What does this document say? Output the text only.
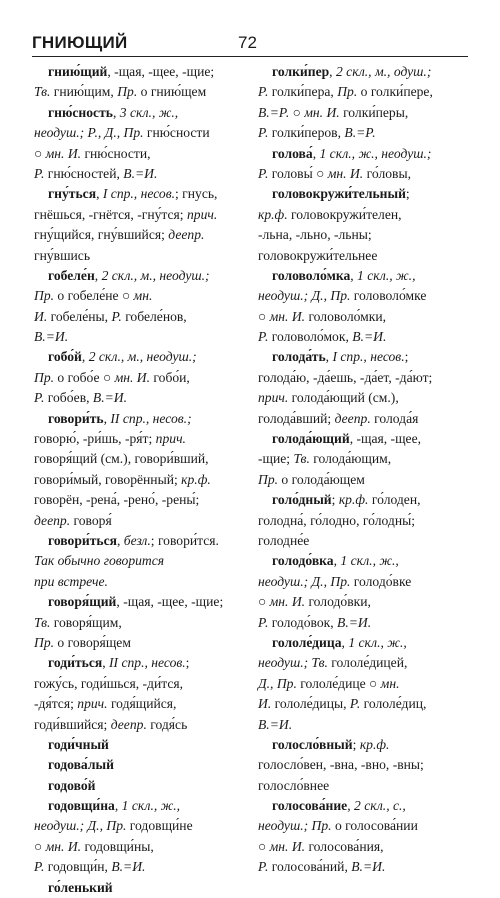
ГНИЮЩИЙ	72
гнию́щий, -щая, -щее, -щие;
Тв. гнию́щим, Пр. о гнию́щем
гню́сность, 3 скл., ж.,
неодуш.; Р., Д., Пр. гню́сности
○ мн. И. гню́сности,
Р. гню́сностей, В.=И.
гну́ться, I спр., несов.; гнусь,
гнёшься, -гнётся, -гну́тся; прич.
гну́щийся, гну́вшийся; деепр.
гну́вшись
гобеле́н, 2 скл., м., неодуш.;
Пр. о гобеле́не ○ мн.
И. гобеле́ны, Р. гобеле́нов,
В.=И.
гобо́й, 2 скл., м., неодуш.;
Пр. о гобо́е ○ мн. И. гобо́и,
Р. гобо́ев, В.=И.
говори́ть, II спр., несов.;
говорю́, -ри́шь, -ря́т; прич.
говоря́щий (см.), говори́вший,
говори́мый, говорённый; кр.ф.
говорён, -рена́, -рено́, -рены́;
деепр. говоря́
говори́ться, безл.; говори́тся.
Так обычно говорится
при встрече.
говоря́щий, -щая, -щее, -щие;
Тв. говоря́щим,
Пр. о говоря́щем
годи́ться, II спр., несов.;
гожу́сь, годи́шься, -ди́тся,
-дя́тся; прич. годя́щийся,
годи́вшийся; деепр. годя́сь
годи́чный
годова́лый
годово́й
годовщи́на, 1 скл., ж.,
неодуш.; Д., Пр. годовщи́не
○ мн. И. годовщи́ны,
Р. годовщи́н, В.=И.
го́ленький
голки́пер, 2 скл., м., одуш.;
Р. голки́пера, Пр. о голки́пере,
В.=Р. ○ мн. И. голки́перы,
Р. голки́перов, В.=Р.
голова́, 1 скл., ж., неодуш.;
Р. головы́ ○ мн. И. го́ловы,
головокружи́тельный;
кр.ф. головокружи́телен,
-льна, -льно, -льны;
головокружи́тельнее
головоло́мка, 1 скл., ж.,
неодуш.; Д., Пр. головоло́мке
○ мн. И. головоло́мки,
Р. головоло́мок, В.=И.
голода́ть, I спр., несов.;
голода́ю, -да́ешь, -да́ет, -да́ют;
прич. голода́ющий (см.),
голода́вший; деепр. голода́я
голода́ющий, -щая, -щее,
-щие; Тв. голода́ющим,
Пр. о голода́ющем
голо́дный; кр.ф. го́лоден,
голодна́, го́лодно, го́лодны́;
голодне́е
голодо́вка, 1 скл., ж.,
неодуш.; Д., Пр. голодо́вке
○ мн. И. голодо́вки,
Р. голодо́вок, В.=И.
гололе́дица, 1 скл., ж.,
неодуш.; Тв. гололе́дицей,
Д., Пр. гололе́дице ○ мн.
И. гололе́дицы, Р. гололе́диц,
В.=И.
голосло́вный; кр.ф.
голосло́вен, -вна, -вно, -вны;
голосло́внее
голосова́ние, 2 скл., с.,
неодуш.; Пр. о голосова́нии
○ мн. И. голосова́ния,
Р. голосова́ний, В.=И.
